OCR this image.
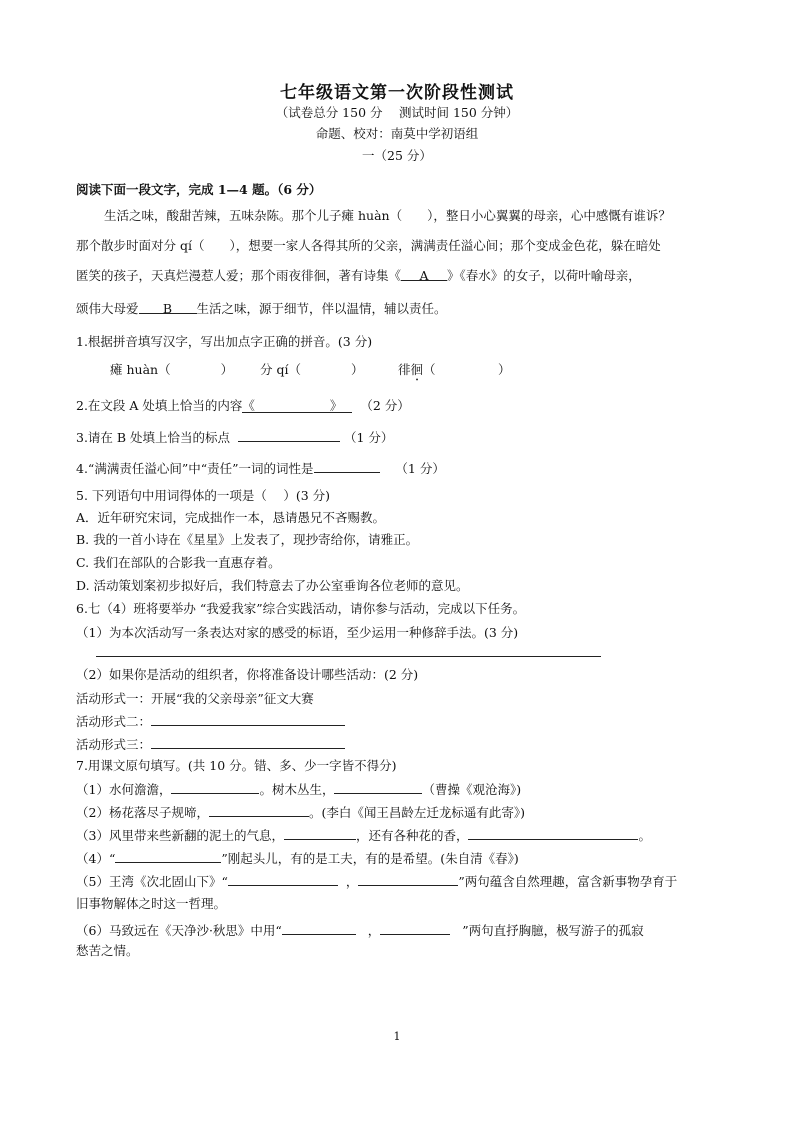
七年级语文第一次阶段性测试
（试卷总分 150 分　 测试时间 150 分钟）
命题、校对：南莫中学初语组
一（25 分）
阅读下面一段文字，完成 1—4 题。（6 分）
生活之味，酸甜苦辣，五味杂陈。那个儿子瘫 huàn（　　），整日小心翼翼的母亲，心中感慨有谁诉？
那个散步时面对分 qí（　　），想要一家人各得其所的父亲，满满责任溢心间；那个变成金色花，躲在暗处
匿笑的孩子，天真烂漫惹人爱；那个雨夜徘徊，著有诗集《 A 》《春水》的女子，以荷叶喻母亲，
颂伟大母爱 B 生活之味，源于细节，伴以温情，辅以责任。
1.根据拼音填写汉字，写出加点字正确的拼音。(3 分)
瘫 huàn（　　　　） 分 qí（　　　　）	徘徊（　　　　　）
2.在文段 A 处填上恰当的内容《　　　　　　》 （2 分）
3.请在 B 处填上恰当的标点	（1 分）
4.“满满责任溢心间”中“责任”一词的词性是	（1 分）
5. 下列语句中用词得体的一项是（　 ）(3 分)
A．近年研究宋词，完成拙作一本，恳请愚兄不吝赐教。
B. 我的一首小诗在《星星》上发表了，现抄寄给你，请雅正。
C. 我们在部队的合影我一直惠存着。
D. 活动策划案初步拟好后，我们特意去了办公室垂询各位老师的意见。
6.七（4）班将要举办 “我爱我家”综合实践活动，请你参与活动，完成以下任务。
（1）为本次活动写一条表达对家的感受的标语，至少运用一种修辞手法。(3 分)
（2）如果你是活动的组织者，你将准备设计哪些活动：(2 分)
活动形式一：开展“我的父亲母亲”征文大赛
活动形式二：
活动形式三：
7.用课文原句填写。(共 10 分。错、多、少一字皆不得分)
（1）水何澹澹，	。树木丛生，	（曹操《观沧海》)
（2）杨花落尽子规啼，	。(李白《闻王昌龄左迁龙标遥有此寄》)
（3）风里带来些新翻的泥土的气息，	，还有各种花的香，	。
（4）“	”刚起头儿，有的是工夫，有的是希望。(朱自清《春》)
（5）王湾《次北固山下》“	，	”两句蕴含自然理趣，富含新事物孕育于
旧事物解体之时这一哲理。
（6）马致远在《天净沙·秋思》中用“	，	”两句直抒胸臆，极写游子的孤寂
愁苦之情。
1
